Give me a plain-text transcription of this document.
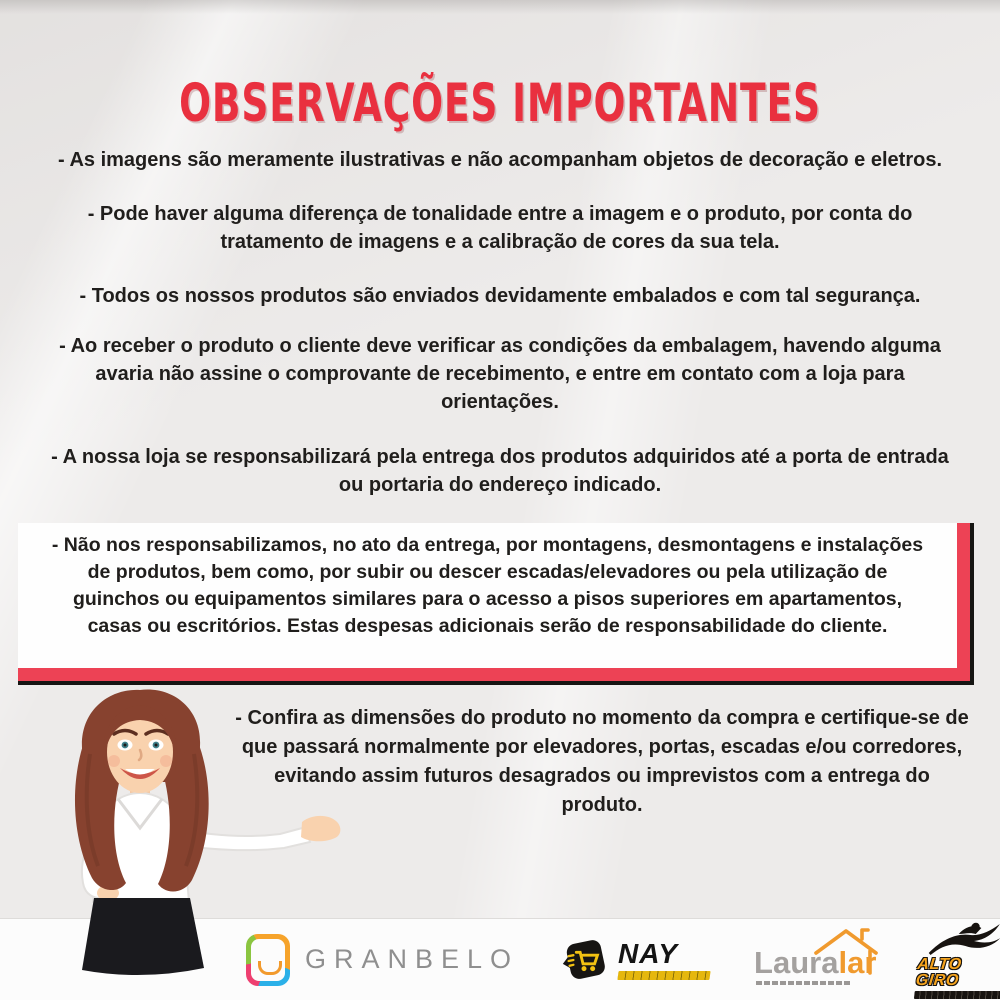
OBSERVAÇÕES IMPORTANTES

- As imagens são meramente ilustrativas e não acompanham objetos de decoração e eletros.

- Pode haver alguma diferença de tonalidade entre a imagem e o produto, por conta do tratamento de imagens e a calibração de cores da sua tela.

- Todos os nossos produtos são enviados devidamente embalados e com tal segurança.

- Ao receber o produto o cliente deve verificar as condições da embalagem, havendo alguma avaria não assine o comprovante de recebimento, e entre em contato com a loja para orientações.

- A nossa loja se responsabilizará pela entrega dos produtos adquiridos até a porta de entrada ou portaria do endereço indicado.

- Não nos responsabilizamos, no ato da entrega, por montagens, desmontagens e instalações de produtos, bem como, por subir ou descer escadas/elevadores ou pela utilização de guinchos ou equipamentos similares para o acesso a pisos superiores em apartamentos, casas ou escritórios. Estas despesas adicionais serão de responsabilidade do cliente.

- Confira as dimensões do produto no momento da compra e certifique-se de que passará normalmente por elevadores, portas, escadas e/ou corredores, evitando assim futuros desagrados ou imprevistos com a entrega do produto.

GRANBELO	NAY Lauralar	ALTO GIRO
